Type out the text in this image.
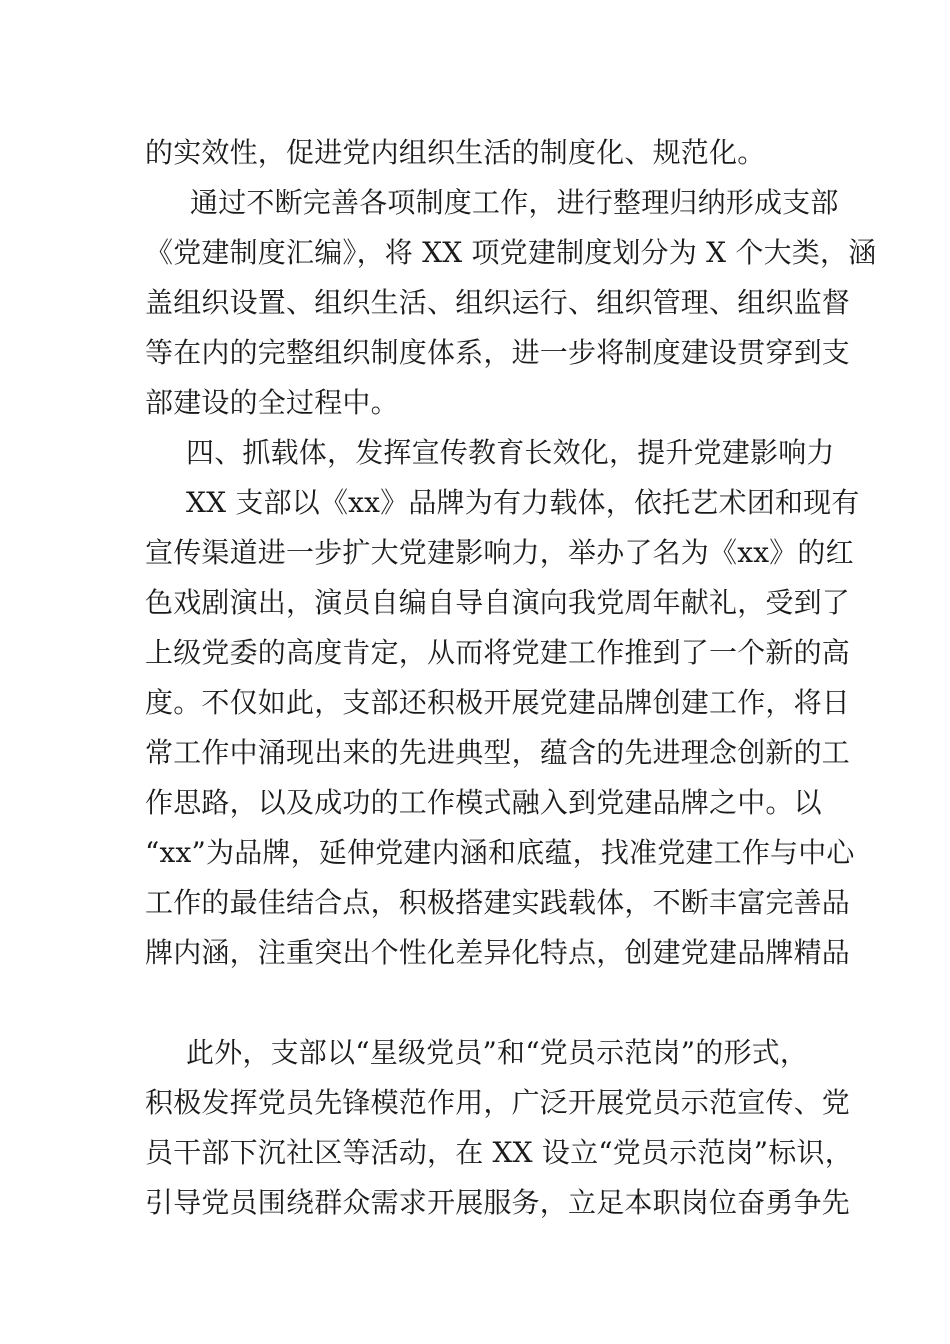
的实效性，促进党内组织生活的制度化、规范化。
通过不断完善各项制度工作，进行整理归纳形成支部
《党建制度汇编》，将 XX 项党建制度划分为 X 个大类，涵
盖组织设置、组织生活、组织运行、组织管理、组织监督
等在内的完整组织制度体系，进一步将制度建设贯穿到支
部建设的全过程中。
四、抓载体，发挥宣传教育长效化，提升党建影响力
XX 支部以《xx》品牌为有力载体，依托艺术团和现有
宣传渠道进一步扩大党建影响力，举办了名为《xx》的红
色戏剧演出，演员自编自导自演向我党周年献礼，受到了
上级党委的高度肯定，从而将党建工作推到了一个新的高
度。不仅如此，支部还积极开展党建品牌创建工作，将日
常工作中涌现出来的先进典型，蕴含的先进理念创新的工
作思路，以及成功的工作模式融入到党建品牌之中。以
“xx”为品牌，延伸党建内涵和底蕴，找准党建工作与中心
工作的最佳结合点，积极搭建实践载体，不断丰富完善品
牌内涵，注重突出个性化差异化特点，创建党建品牌精品
此外，支部以“星级党员”和“党员示范岗”的形式，
积极发挥党员先锋模范作用，广泛开展党员示范宣传、党
员干部下沉社区等活动，在 XX 设立“党员示范岗”标识，
引导党员围绕群众需求开展服务，立足本职岗位奋勇争先
